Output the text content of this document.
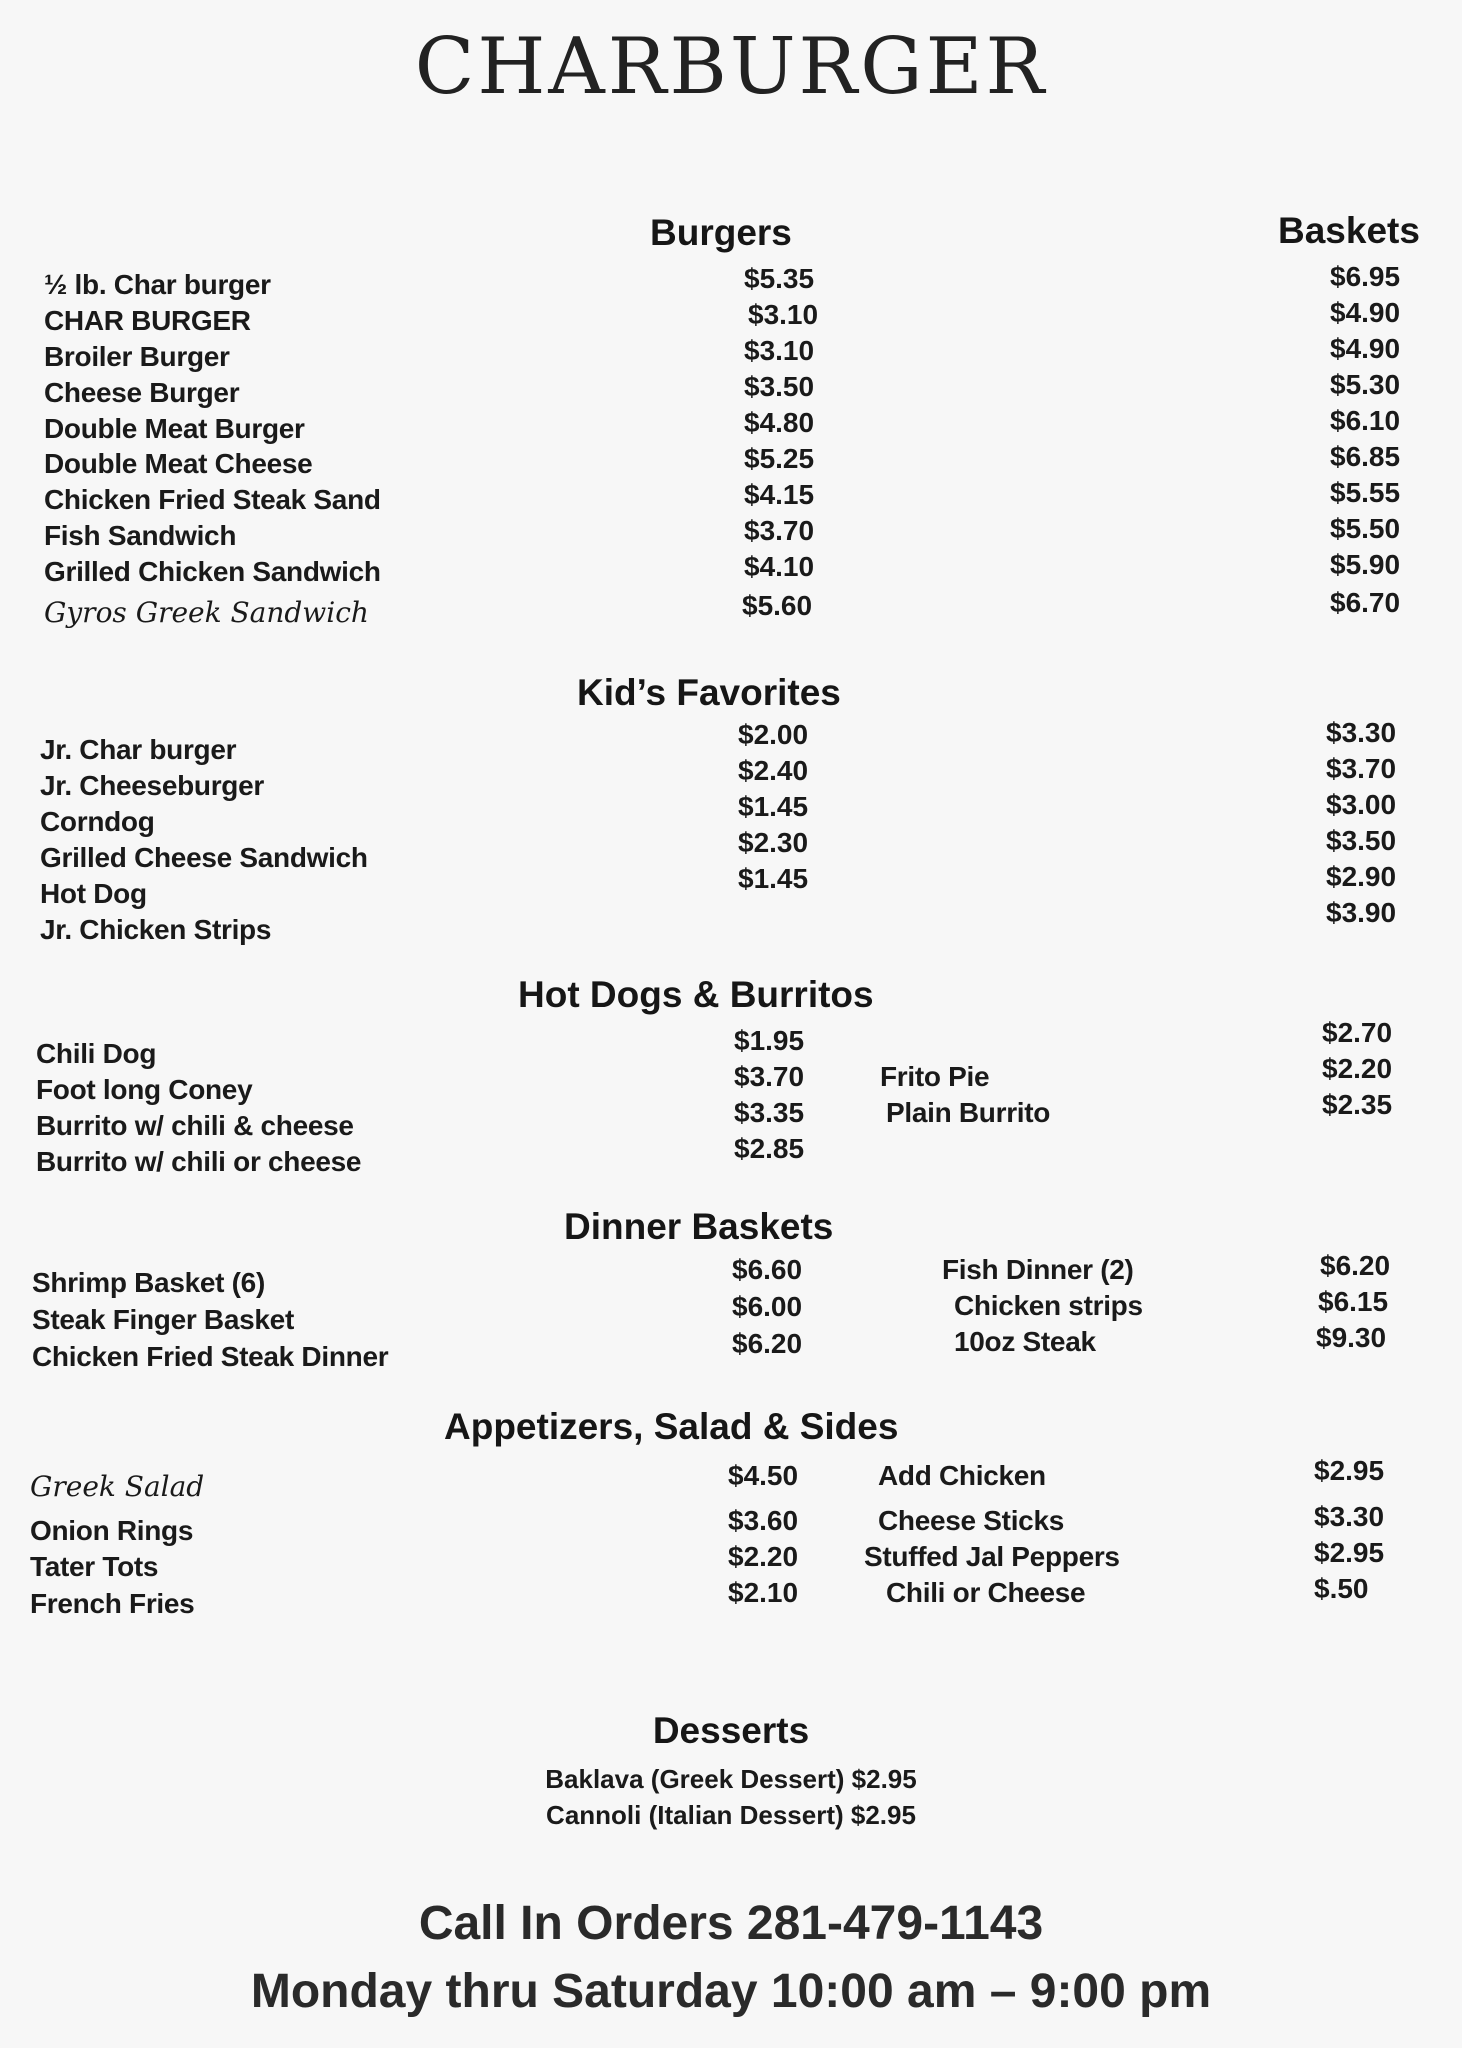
CHARBURGER
Burgers	Baskets
½ lb. Char burger
CHAR BURGER
Broiler Burger
Cheese Burger
Double Meat Burger
Double Meat Cheese
Chicken Fried Steak Sand
Fish Sandwich
Grilled Chicken Sandwich
Gyros Greek Sandwich
$5.35
$3.10
$3.10
$3.50
$4.80
$5.25
$4.15
$3.70
$4.10
$5.60
$6.95
$4.90
$4.90
$5.30
$6.10
$6.85
$5.55
$5.50
$5.90
$6.70
Kid’s Favorites
Jr. Char burger
Jr. Cheeseburger
Corndog
Grilled Cheese Sandwich
Hot Dog
Jr. Chicken Strips
$2.00
$2.40
$1.45
$2.30
$1.45
$3.30
$3.70
$3.00
$3.50
$2.90
$3.90
Hot Dogs & Burritos
Chili Dog
Foot long Coney
Burrito w/ chili & cheese
Burrito w/ chili or cheese
$1.95
$3.70
$3.35
$2.85
Frito Pie
Plain Burrito
$2.70
$2.20
$2.35
Dinner Baskets
Shrimp Basket (6)
Steak Finger Basket
Chicken Fried Steak Dinner
$6.60
$6.00
$6.20
Fish Dinner (2)
Chicken strips
10oz Steak
$6.20
$6.15
$9.30
Appetizers, Salad & Sides
Greek Salad
Onion Rings
Tater Tots
French Fries
$4.50
$3.60
$2.20
$2.10
Add Chicken
Cheese Sticks
Stuffed Jal Peppers
Chili or Cheese
$2.95
$3.30
$2.95
$.50
Desserts
Baklava (Greek Dessert) $2.95
Cannoli (Italian Dessert) $2.95
Call In Orders 281-479-1143
Monday thru Saturday 10:00 am – 9:00 pm
